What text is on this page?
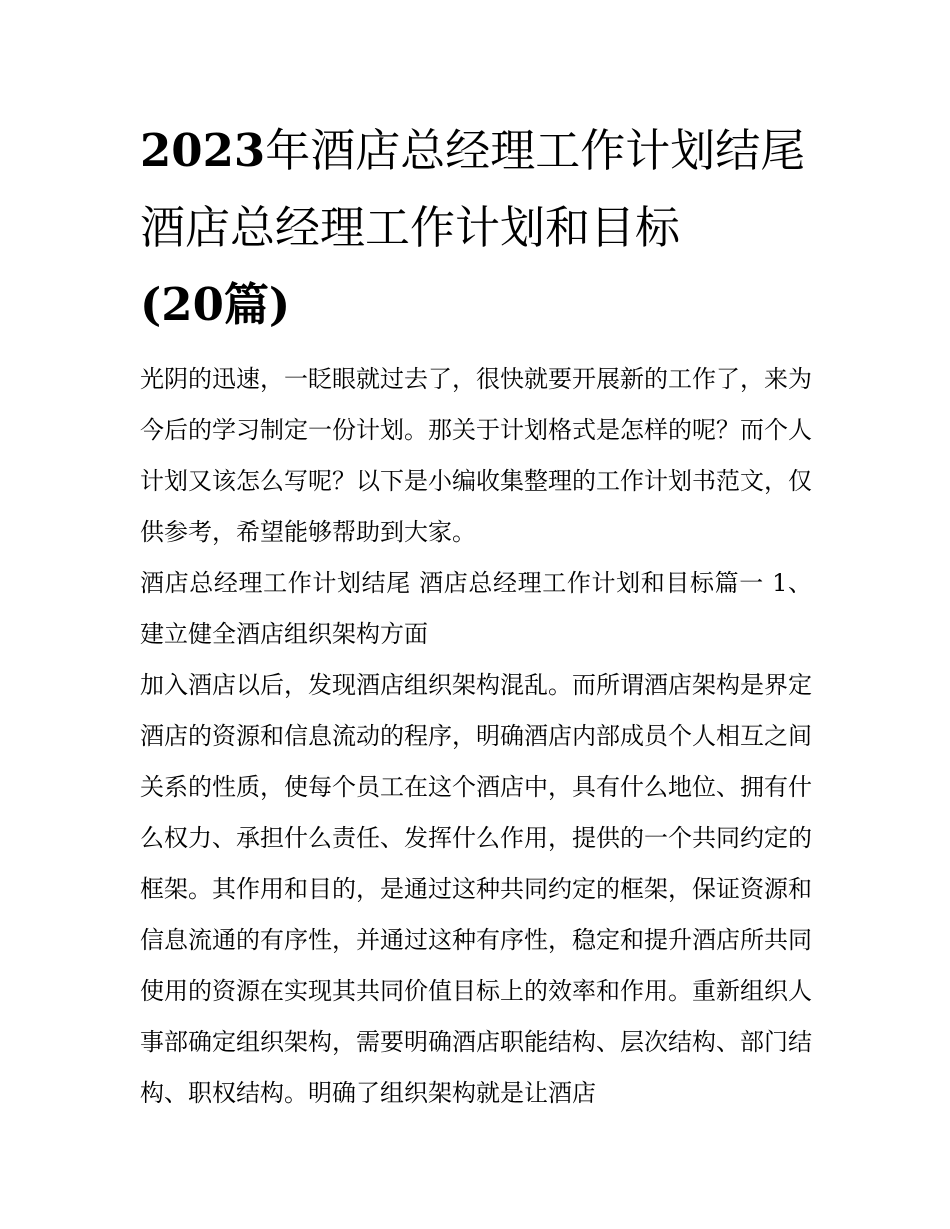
2023年酒店总经理工作计划结尾 酒店总经理工作计划和目标
(20篇)

光阴的迅速，一眨眼就过去了，很快就要开展新的工作了，来为今后的学习制定一份计划。那关于计划格式是怎样的呢？而个人计划又该怎么写呢？以下是小编收集整理的工作计划书范文，仅供参考，希望能够帮助到大家。

酒店总经理工作计划结尾 酒店总经理工作计划和目标篇一 1、建立健全酒店组织架构方面

加入酒店以后，发现酒店组织架构混乱。而所谓酒店架构是界定酒店的资源和信息流动的程序，明确酒店内部成员个人相互之间关系的性质，使每个员工在这个酒店中，具有什么地位、拥有什么权力、承担什么责任、发挥什么作用，提供的一个共同约定的框架。其作用和目的，是通过这种共同约定的框架，保证资源和信息流通的有序性，并通过这种有序性，稳定和提升酒店所共同使用的资源在实现其共同价值目标上的效率和作用。重新组织人事部确定组织架构，需要明确酒店职能结构、层次结构、部门结构、职权结构。明确了组织架构就是让酒店
